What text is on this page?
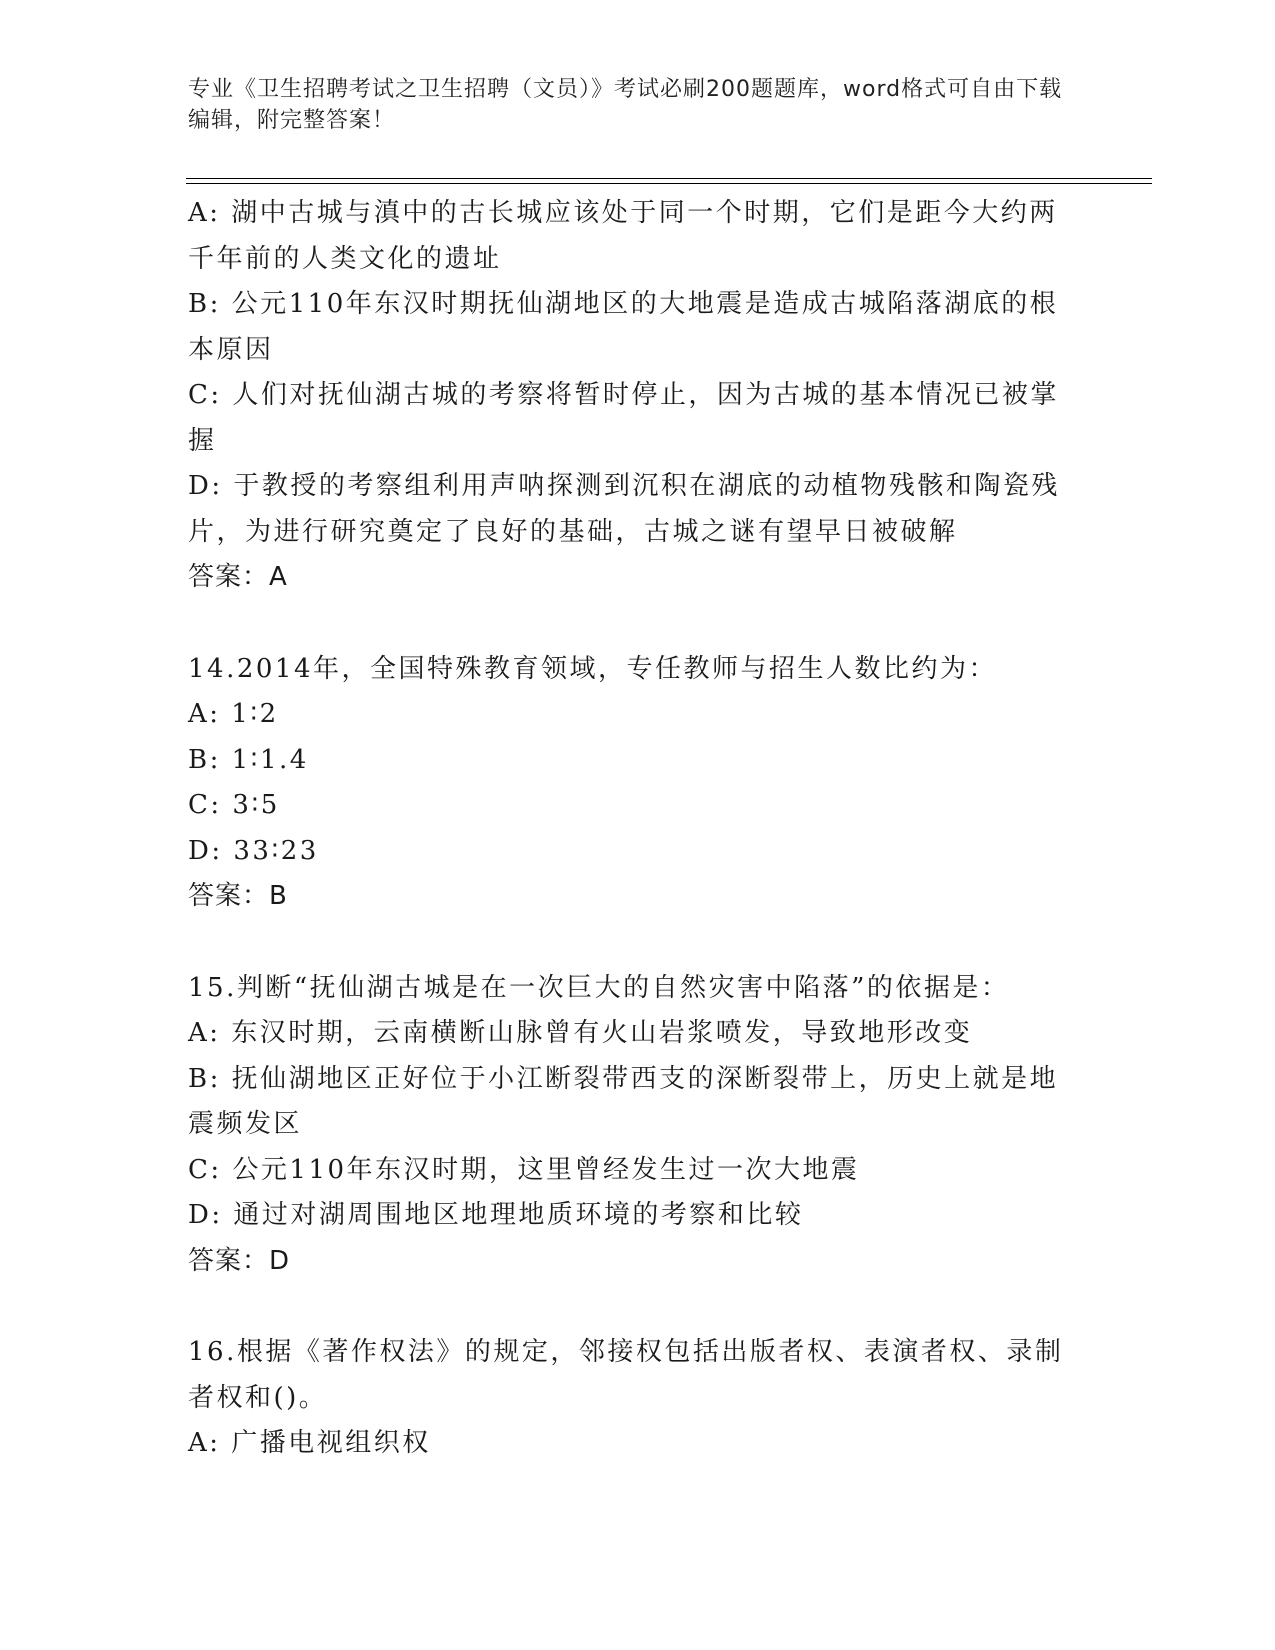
专业《卫生招聘考试之卫生招聘（文员）》考试必刷200题题库，word格式可自由下载编辑，附完整答案！

A: 湖中古城与滇中的古长城应该处于同一个时期，它们是距今大约两千年前的人类文化的遗址

B: 公元110年东汉时期抚仙湖地区的大地震是造成古城陷落湖底的根本原因

C: 人们对抚仙湖古城的考察将暂时停止，因为古城的基本情况已被掌握

D: 于教授的考察组利用声呐探测到沉积在湖底的动植物残骸和陶瓷残片，为进行研究奠定了良好的基础，古城之谜有望早日被破解

答案：A

14.2014年，全国特殊教育领域，专任教师与招生人数比约为：

A: 1∶2

B: 1∶1.4

C: 3∶5

D: 33∶23

答案：B

15.判断“抚仙湖古城是在一次巨大的自然灾害中陷落”的依据是：

A: 东汉时期，云南横断山脉曾有火山岩浆喷发，导致地形改变

B: 抚仙湖地区正好位于小江断裂带西支的深断裂带上，历史上就是地震频发区

C: 公元110年东汉时期，这里曾经发生过一次大地震

D: 通过对湖周围地区地理地质环境的考察和比较

答案：D

16.根据《著作权法》的规定，邻接权包括出版者权、表演者权、录制者权和()。

A: 广播电视组织权
